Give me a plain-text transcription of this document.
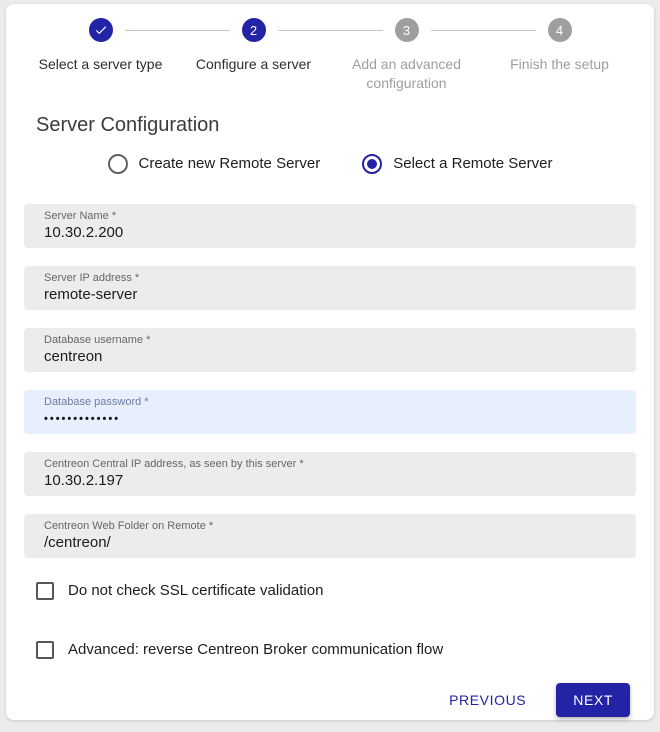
Select a server type
2
Configure a server
3
Add an advanced configuration
4
Finish the setup
Server Configuration
Create new Remote Server	Select a Remote Server
Server Name *
10.30.2.200
Server IP address *
remote-server
Database username *
centreon
Database password *
•••••••••••••
Centreon Central IP address, as seen by this server *
10.30.2.197
Centreon Web Folder on Remote *
/centreon/
Do not check SSL certificate validation
Advanced: reverse Centreon Broker communication flow
PREVIOUS	NEXT
